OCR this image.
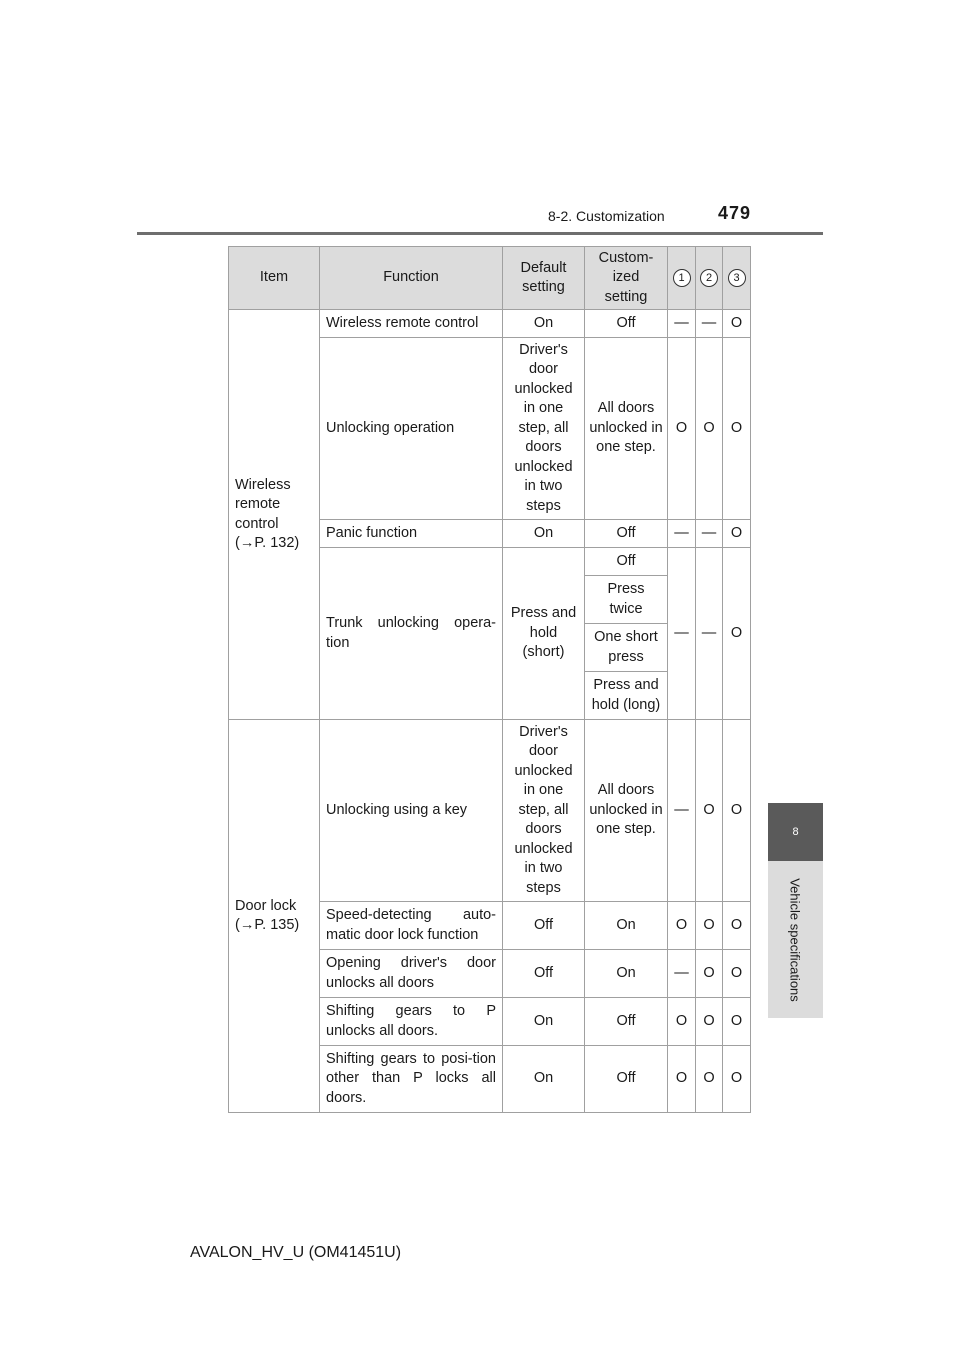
8-2. Customization	479
8
Vehicle specifications
Item	Function	Default setting	Custom-ized setting	1	2	3
Wireless remote control (→P. 132)	Wireless remote control	On	Off	—	—	O
	Unlocking operation	Driver's door unlocked in one step, all doors unlocked in two steps	All doors unlocked in one step.	O	O	O
	Panic function	On	Off	—	—	O
	Trunk unlocking opera-tion	Press and hold (short)	Off	—	—	O
			Press twice			
			One short press			
			Press and hold (long)			
Door lock (→P. 135)	Unlocking using a key	Driver's door unlocked in one step, all doors unlocked in two steps	All doors unlocked in one step.	—	O	O
	Speed-detecting auto-matic door lock function	Off	On	O	O	O
	Opening driver's door unlocks all doors	Off	On	—	O	O
	Shifting gears to P unlocks all doors.	On	Off	O	O	O
	Shifting gears to posi-tion other than P locks all doors.	On	Off	O	O	O
AVALON_HV_U (OM41451U)
